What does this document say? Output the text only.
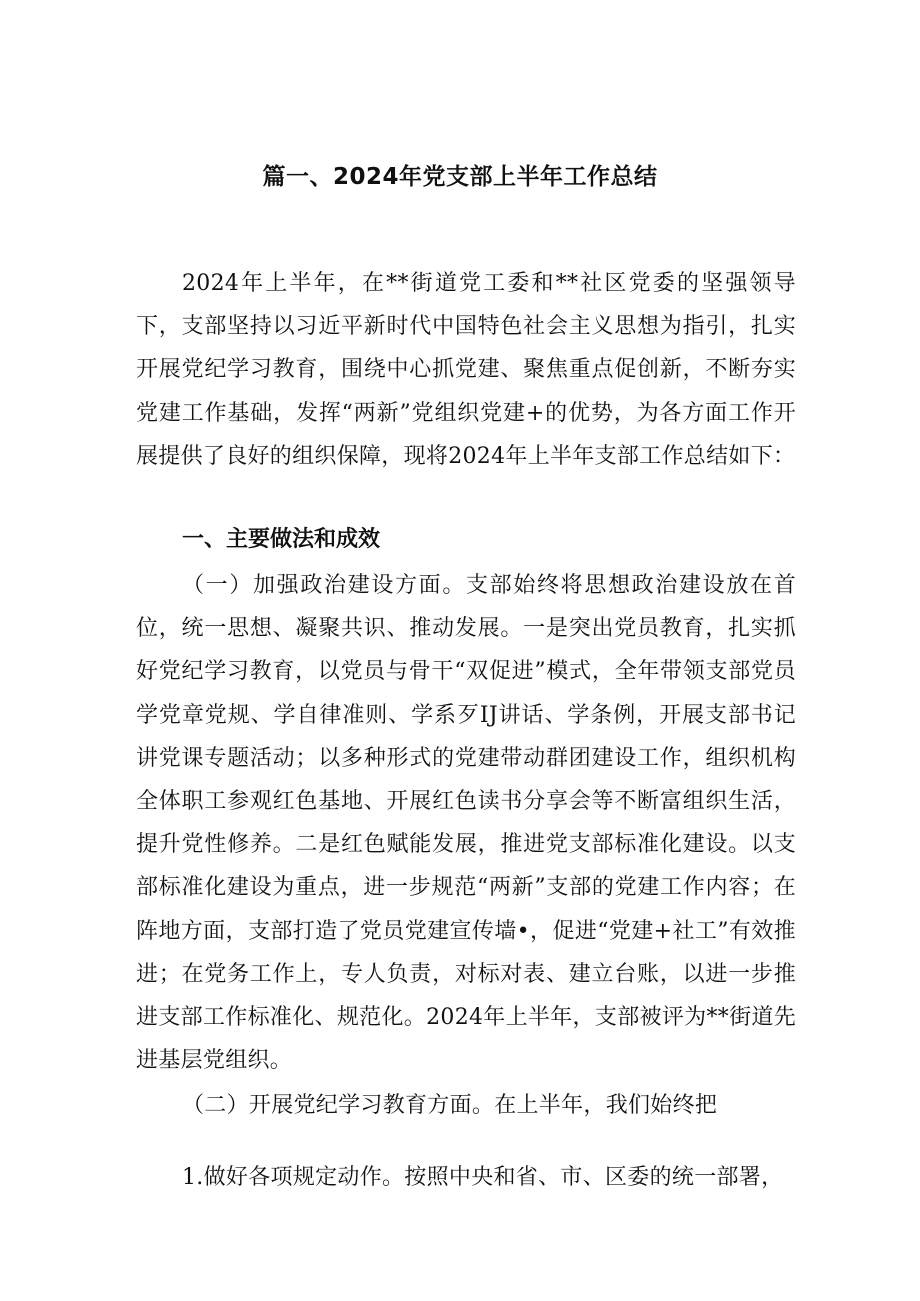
篇一、2024年党支部上半年工作总结

2024年上半年，在**街道党工委和**社区党委的坚强领导下，支部坚持以习近平新时代中国特色社会主义思想为指引，扎实开展党纪学习教育，围绕中心抓党建、聚焦重点促创新，不断夯实党建工作基础，发挥“两新”党组织党建+的优势，为各方面工作开展提供了良好的组织保障，现将2024年上半年支部工作总结如下：

一、主要做法和成效

（一）加强政治建设方面。支部始终将思想政治建设放在首位，统一思想、凝聚共识、推动发展。一是突出党员教育，扎实抓好党纪学习教育，以党员与骨干“双促进”模式，全年带领支部党员学党章党规、学自律准则、学系歹IJ讲话、学条例，开展支部书记讲党课专题活动；以多种形式的党建带动群团建设工作，组织机构全体职工参观红色基地、开展红色读书分享会等不断富组织生活，提升党性修养。二是红色赋能发展，推进党支部标准化建设。以支部标准化建设为重点，进一步规范“两新”支部的党建工作内容；在阵地方面，支部打造了党员党建宣传墙•，促进“党建+社工”有效推进；在党务工作上，专人负责，对标对表、建立台账，以进一步推进支部工作标准化、规范化。2024年上半年，支部被评为**街道先进基层党组织。

（二）开展党纪学习教育方面。在上半年，我们始终把

1.做好各项规定动作。按照中央和省、市、区委的统一部署，
